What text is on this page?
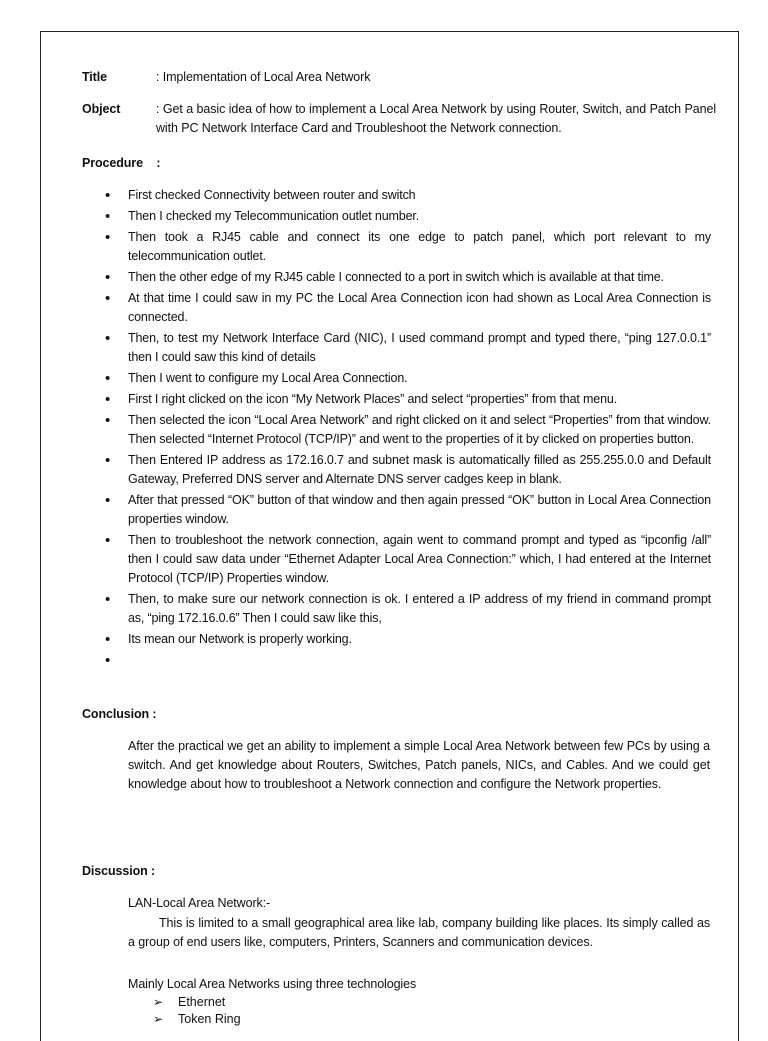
Title	: Implementation of Local Area Network
Object	: Get a basic idea of how to implement a Local Area Network by using Router, Switch, and Patch Panel with PC Network Interface Card and Troubleshoot the Network connection.
Procedure :
• First checked Connectivity between router and switch
• Then I checked my Telecommunication outlet number.
• Then took a RJ45 cable and connect its one edge to patch panel, which port relevant to my telecommunication outlet.
• Then the other edge of my RJ45 cable I connected to a port in switch which is available at that time.
• At that time I could saw in my PC the Local Area Connection icon had shown as Local Area Connection is connected.
• Then, to test my Network Interface Card (NIC), I used command prompt and typed there, “ping 127.0.0.1” then I could saw this kind of details
• Then I went to configure my Local Area Connection.
• First I right clicked on the icon “My Network Places” and select “properties” from that menu.
• Then selected the icon “Local Area Network” and right clicked on it and select “Properties” from that window. Then selected “Internet Protocol (TCP/IP)” and went to the properties of it by clicked on properties button.
• Then Entered IP address as 172.16.0.7 and subnet mask is automatically filled as 255.255.0.0 and Default Gateway, Preferred DNS server and Alternate DNS server cadges keep in blank.
• After that pressed “OK” button of that window and then again pressed “OK” button in Local Area Connection properties window.
• Then to troubleshoot the network connection, again went to command prompt and typed as “ipconfig /all” then I could saw data under “Ethernet Adapter Local Area Connection:” which, I had entered at the Internet Protocol (TCP/IP) Properties window.
• Then, to make sure our network connection is ok. I entered a IP address of my friend in command prompt as, “ping 172.16.0.6” Then I could saw like this,
• Its mean our Network is properly working.
•
Conclusion :
After the practical we get an ability to implement a simple Local Area Network between few PCs by using a switch. And get knowledge about Routers, Switches, Patch panels, NICs, and Cables. And we could get knowledge about how to troubleshoot a Network connection and configure the Network properties.
Discussion :
LAN-Local Area Network:-
This is limited to a small geographical area like lab, company building like places. Its simply called as a group of end users like, computers, Printers, Scanners and communication devices.
Mainly Local Area Networks using three technologies
➢ Ethernet
➢ Token Ring
